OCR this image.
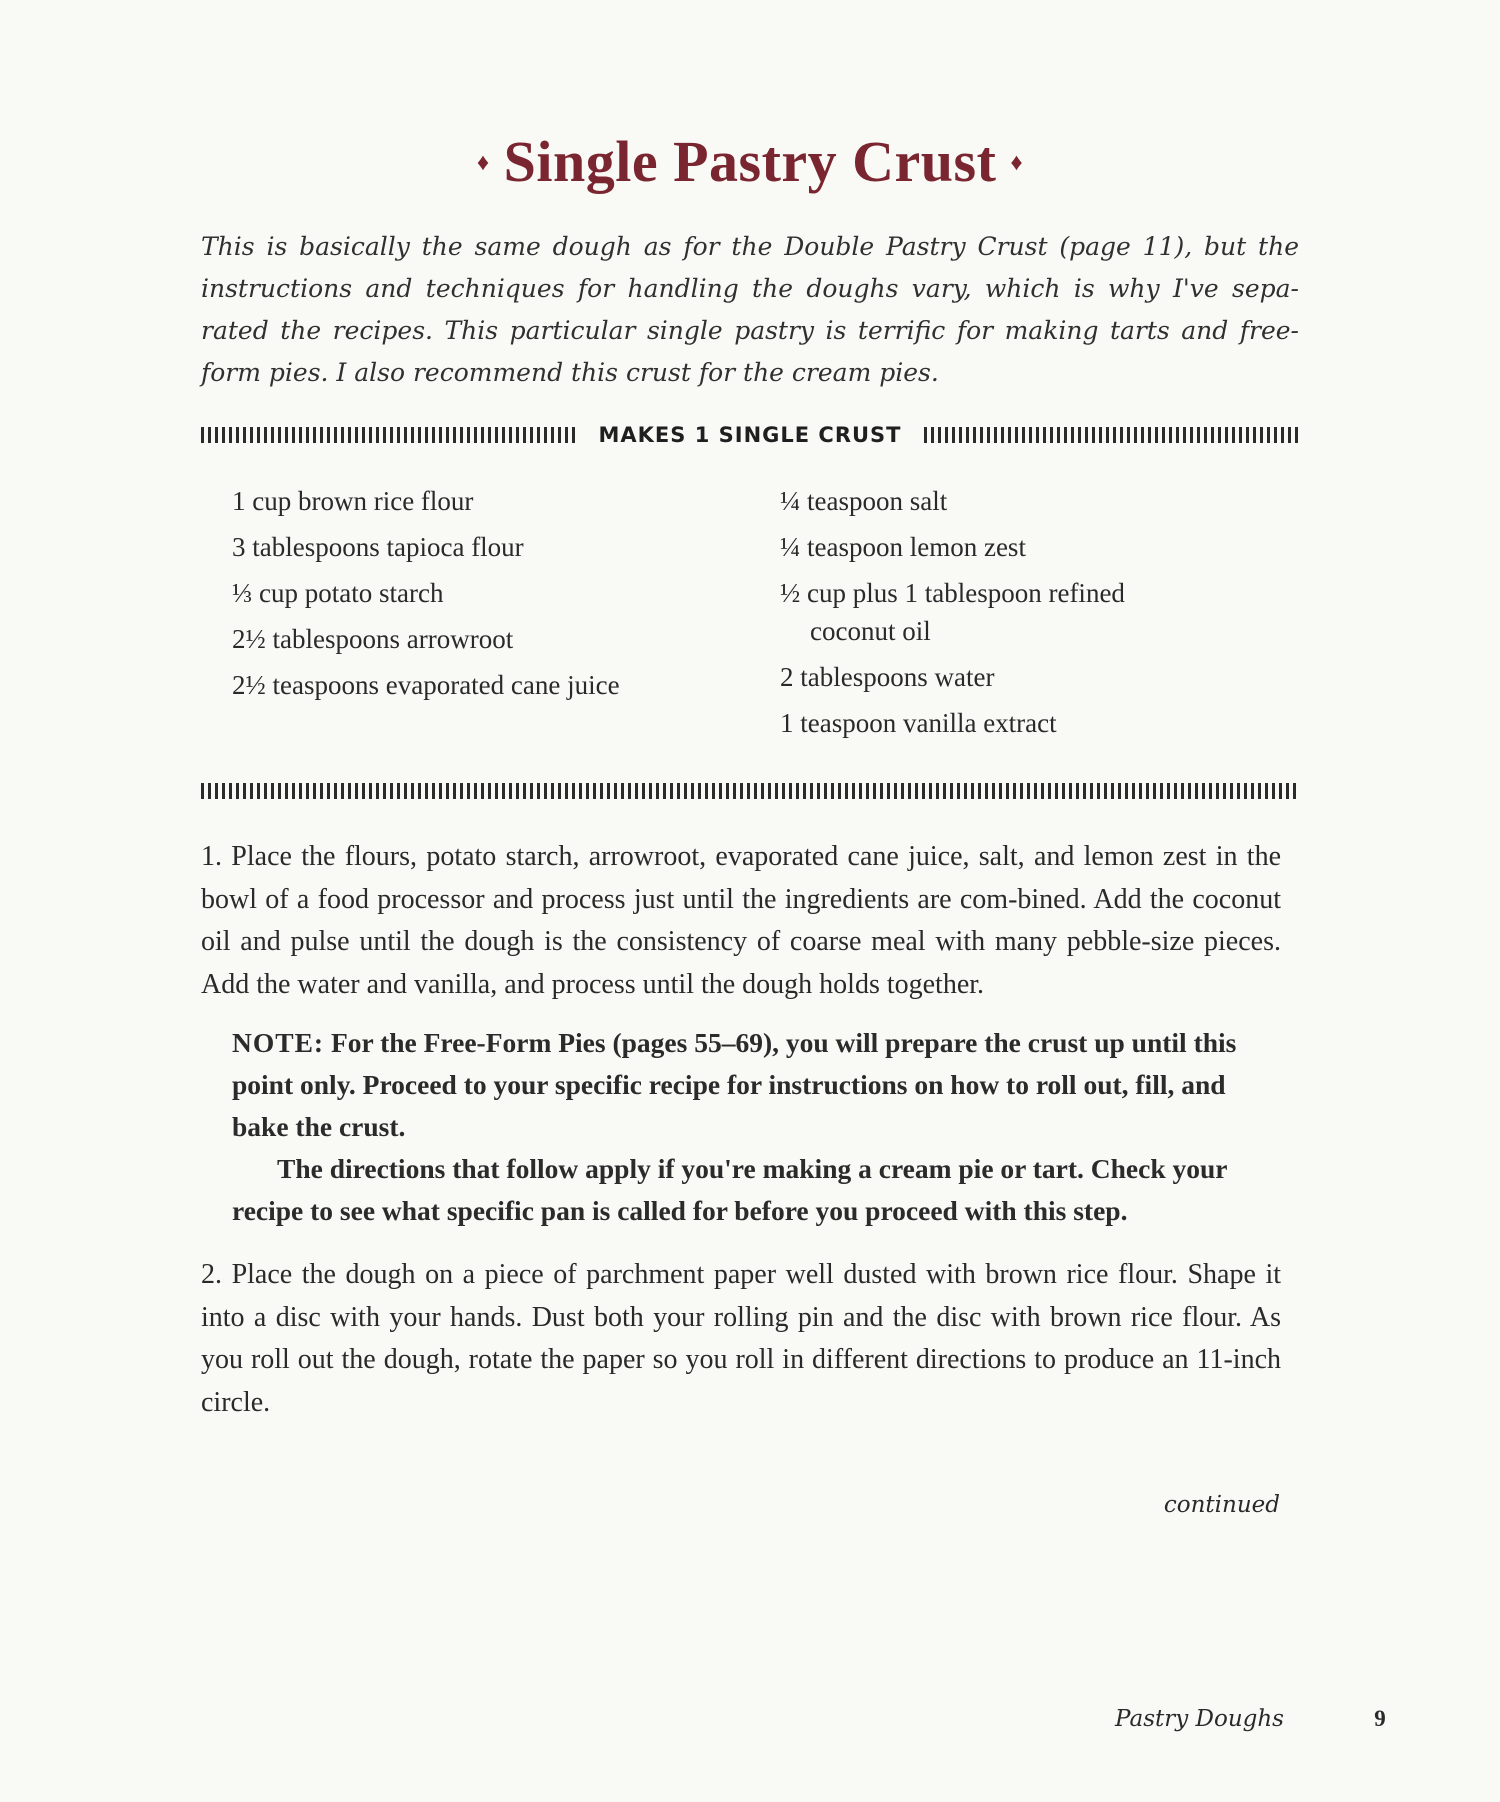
♦ Single Pastry Crust ♦
This is basically the same dough as for the Double Pastry Crust (page 11), but the
instructions and techniques for handling the doughs vary, which is why I've sepa-
rated the recipes. This particular single pastry is terrific for making tarts and free-
form pies. I also recommend this crust for the cream pies.
MAKES 1 SINGLE CRUST
1 cup brown rice flour
3 tablespoons tapioca flour
⅓ cup potato starch
2½ tablespoons arrowroot
2½ teaspoons evaporated cane juice
¼ teaspoon salt
¼ teaspoon lemon zest
½ cup plus 1 tablespoon refined
coconut oil
2 tablespoons water
1 teaspoon vanilla extract

1. Place the flours, potato starch, arrowroot, evaporated cane juice, salt, and lemon zest in the bowl of a food processor and process just until the ingredients are com-bined. Add the coconut oil and pulse until the dough is the consistency of coarse meal with many pebble-size pieces. Add the water and vanilla, and process until the dough holds together.

NOTE: For the Free-Form Pies (pages 55–69), you will prepare the crust up until this point only. Proceed to your specific recipe for instructions on how to roll out, fill, and bake the crust.

The directions that follow apply if you're making a cream pie or tart. Check your recipe to see what specific pan is called for before you proceed with this step.

2. Place the dough on a piece of parchment paper well dusted with brown rice flour. Shape it into a disc with your hands. Dust both your rolling pin and the disc with brown rice flour. As you roll out the dough, rotate the paper so you roll in different directions to produce an 11-inch circle.

continued
Pastry Doughs	9
